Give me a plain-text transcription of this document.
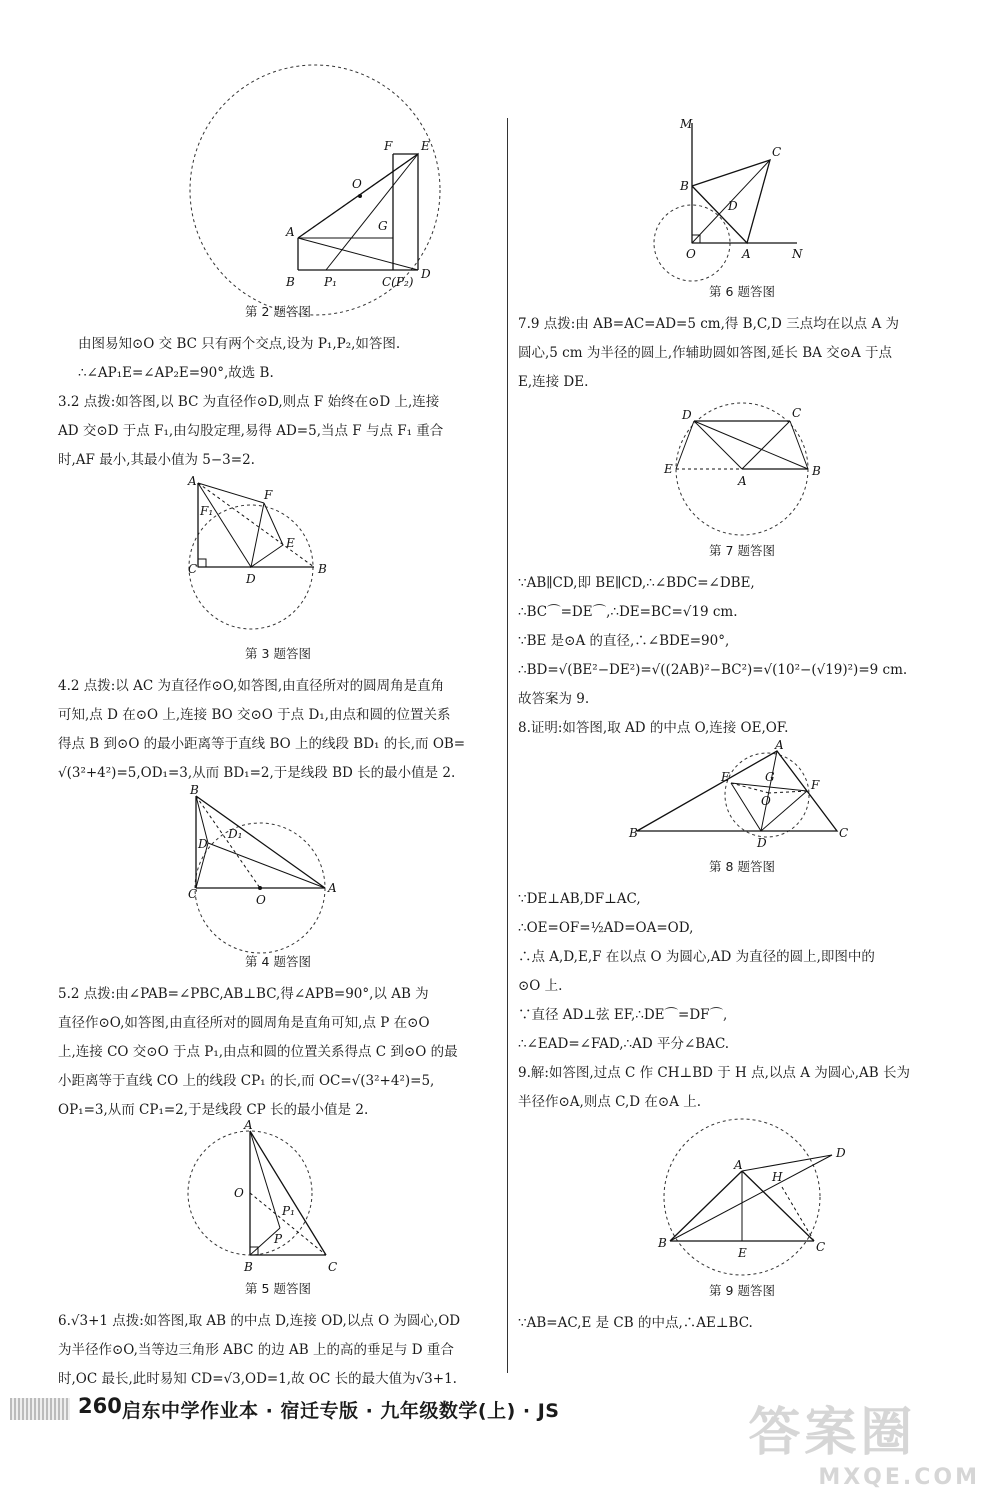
O
A
B P₁	C(P₂)
D
F E
G
第 2 题答图

由图易知⊙O 交 BC 只有两个交点,设为 P₁,P₂,如答图.

∴∠AP₁E=∠AP₂E=90°,故选 B.

3.2 点拨:如答图,以 BC 为直径作⊙D,则点 F 始终在⊙D 上,连接

AD 交⊙D 于点 F₁,由勾股定理,易得 AD=5,当点 F 与点 F₁ 重合

时,AF 最小,其最小值为 5−3=2.

A
C
D
B
F
E
F₁
第 3 题答图

4.2 点拨:以 AC 为直径作⊙O,如答图,由直径所对的圆周角是直角

可知,点 D 在⊙O 上,连接 BO 交⊙O 于点 D₁,由点和圆的位置关系

得点 B 到⊙O 的最小距离等于直线 BO 上的线段 BD₁ 的长,而 OB=

√(3²+4²)=5,OD₁=3,从而 BD₁=2,于是线段 BD 长的最小值是 2.

B
C	O
A
D
D₁
第 4 题答图

5.2 点拨:由∠PAB=∠PBC,AB⊥BC,得∠APB=90°,以 AB 为

直径作⊙O,如答图,由直径所对的圆周角是直角可知,点 P 在⊙O

上,连接 CO 交⊙O 于点 P₁,由点和圆的位置关系得点 C 到⊙O 的最

小距离等于直线 CO 上的线段 CP₁ 的长,而 OC=√(3²+4²)=5,

OP₁=3,从而 CP₁=2,于是线段 CP 长的最小值是 2.

A
O
B	C
P₁
P
第 5 题答图

6.√3+1 点拨:如答图,取 AB 的中点 D,连接 OD,以点 O 为圆心,OD

为半径作⊙O,当等边三角形 ABC 的边 AB 上的高的垂足与 D 重合

时,OC 最长,此时易知 CD=√3,OD=1,故 OC 长的最大值为√3+1.

M
B
C
D
O	A	N
第 6 题答图

7.9 点拨:由 AB=AC=AD=5 cm,得 B,C,D 三点均在以点 A 为

圆心,5 cm 为半径的圆上,作辅助圆如答图,延长 BA 交⊙A 于点

E,连接 DE.

D	C
E
A
B
第 7 题答图

∵AB∥CD,即 BE∥CD,∴∠BDC=∠DBE,

∴BC⌒=DE⌒,∴DE=BC=√19 cm.

∵BE 是⊙A 的直径,∴∠BDE=90°,

∴BD=√(BE²−DE²)=√((2AB)²−BC²)=√(10²−(√19)²)=9 cm.

故答案为 9.

8.证明:如答图,取 AD 的中点 O,连接 OE,OF.

B
A
C
D
E
F
G
O
第 8 题答图

∵DE⊥AB,DF⊥AC,

∴OE=OF=½AD=OA=OD,

∴点 A,D,E,F 在以点 O 为圆心,AD 为直径的圆上,即图中的

⊙O 上.

∵直径 AD⊥弦 EF,∴DE⌒=DF⌒,

∴∠EAD=∠FAD,∴AD 平分∠BAC.

9.解:如答图,过点 C 作 CH⊥BD 于 H 点,以点 A 为圆心,AB 长为

半径作⊙A,则点 C,D 在⊙A 上.

A
B
E	C
D
H
第 9 题答图

∵AB=AC,E 是 CB 的中点,∴AE⊥BC.

260 启东中学作业本 · 宿迁专版 · 九年级数学(上) · JS	答案圈
MXQE.COM
